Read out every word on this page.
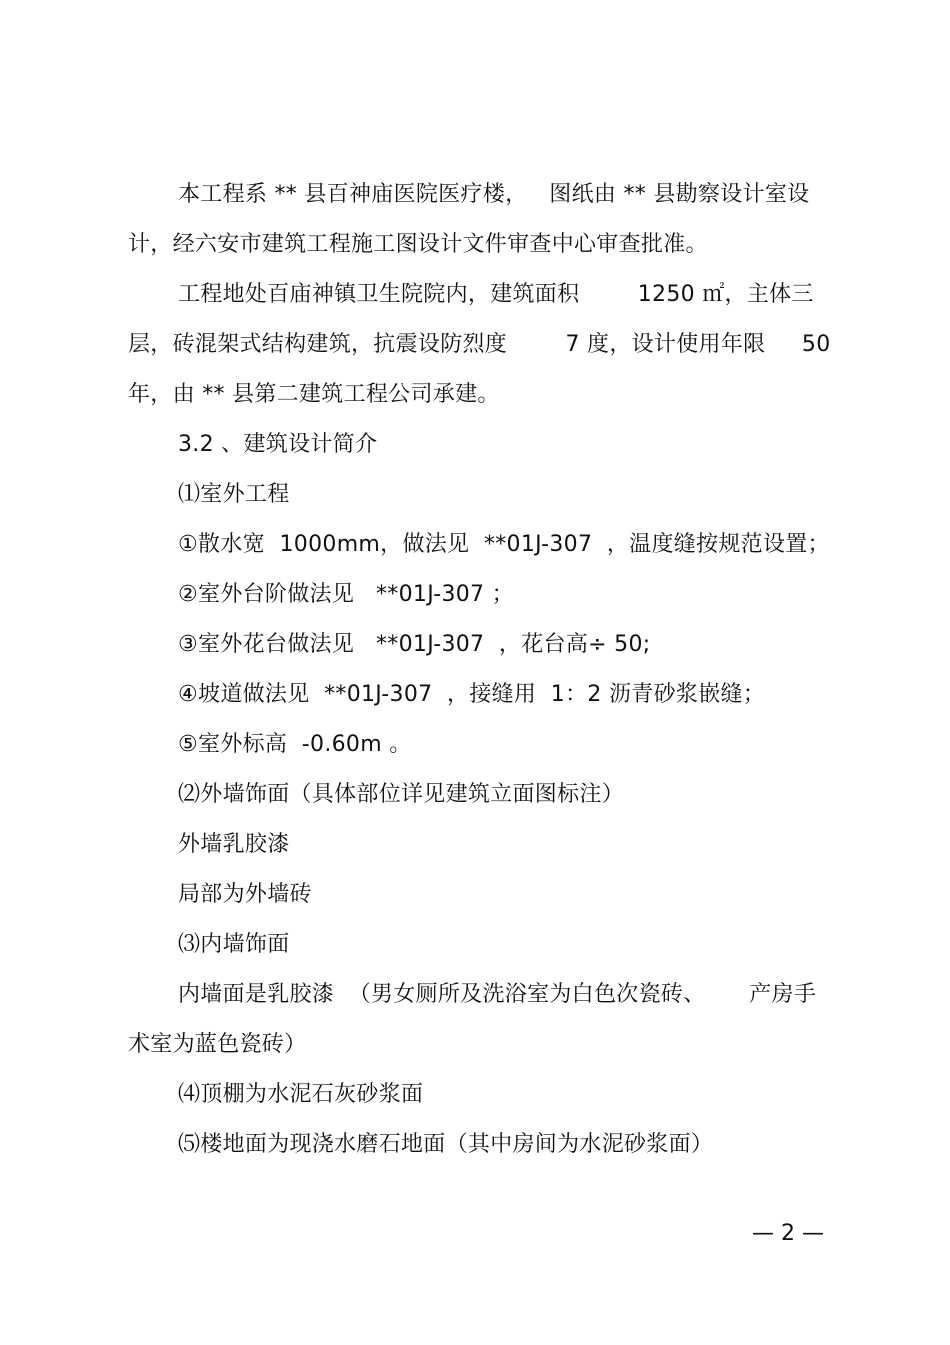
本工程系 ** 县百神庙医院医疗楼，   图纸由 ** 县勘察设计室设
计，经六安市建筑工程施工图设计文件审查中心审查批准。
工程地处百庙神镇卫生院院内，建筑面积        1250 ㎡，主体三
层，砖混架式结构建筑，抗震设防烈度        7 度，设计使用年限     50
年，由 ** 县第二建筑工程公司承建。
3.2 、建筑设计简介
⑴室外工程
①散水宽  1000mm，做法见  **01J-307  ，温度缝按规范设置；
②室外台阶做法见   **01J-307 ；
③室外花台做法见   **01J-307  ，花台高÷ 50;
④坡道做法见  **01J-307  ，接缝用  1：2 沥青砂浆嵌缝；
⑤室外标高  -0.60m 。
⑵外墙饰面（具体部位详见建筑立面图标注）
外墙乳胶漆
局部为外墙砖
⑶内墙饰面
内墙面是乳胶漆  （男女厕所及洗浴室为白色次瓷砖、      产房手
术室为蓝色瓷砖）
⑷顶棚为水泥石灰砂浆面
⑸楼地面为现浇水磨石地面（其中房间为水泥砂浆面）
— 2 —
